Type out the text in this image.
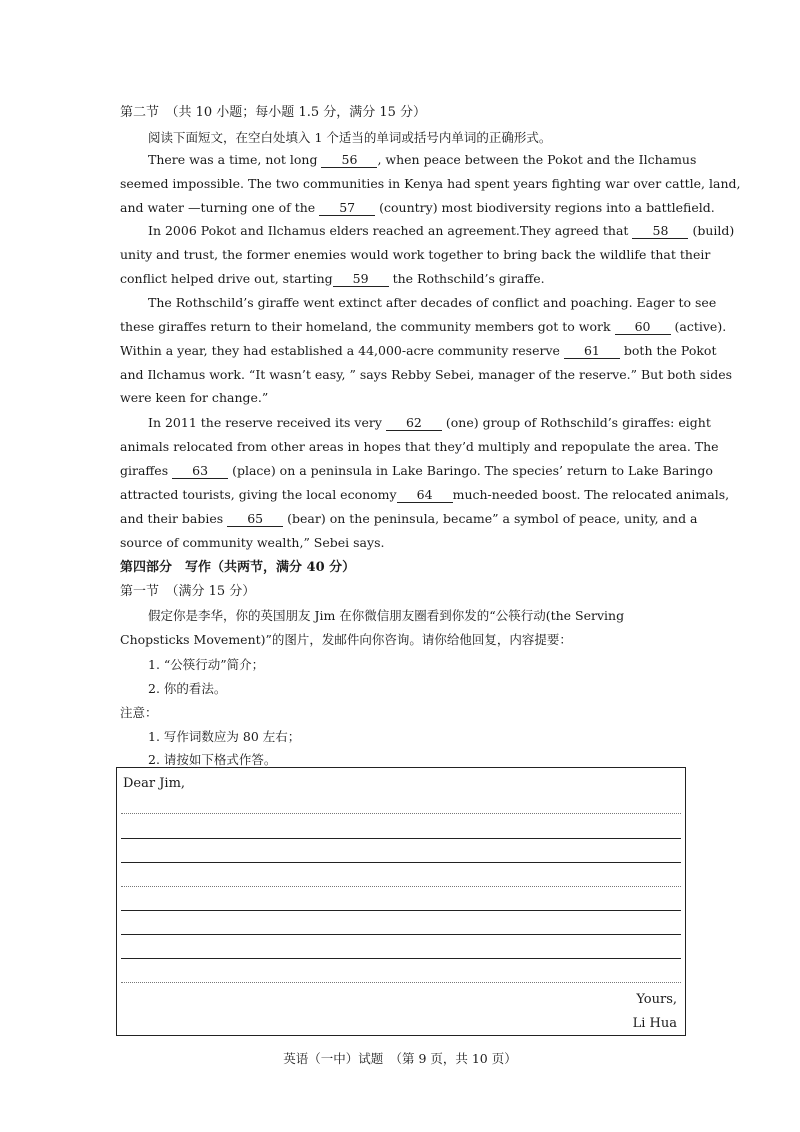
第二节　（共 10 小题；每小题 1.5 分，满分 15 分）
阅读下面短文，在空白处填入 1 个适当的单词或括号内单词的正确形式。
There was a time, not long 56 , when peace between the Pokot and the Ilchamus
seemed impossible. The two communities in Kenya had spent years fighting war over cattle, land,
and water —turning one of the 57 (country) most biodiversity regions into a battlefield.
In 2006 Pokot and Ilchamus elders reached an agreement.They agreed that 58 (build)
unity and trust, the former enemies would work together to bring back the wildlife that their
conflict helped drive out, starting 59 the Rothschild’s giraffe.
The Rothschild’s giraffe went extinct after decades of conflict and poaching. Eager to see
these giraffes return to their homeland, the community members got to work 60 (active).
Within a year, they had established a 44,000-acre community reserve 61 both the Pokot
and Ilchamus work. “It wasn’t easy, ” says Rebby Sebei, manager of the reserve.” But both sides
were keen for change.”
In 2011 the reserve received its very 62 (one) group of Rothschild’s giraffes: eight
animals relocated from other areas in hopes that they’d multiply and repopulate the area. The
giraffes 63 (place) on a peninsula in Lake Baringo. The species’ return to Lake Baringo
attracted tourists, giving the local economy 64 much-needed boost. The relocated animals,
and their babies 65 (bear) on the peninsula, became” a symbol of peace, unity, and a
source of community wealth,” Sebei says.
第四部分　写作（共两节，满分 40 分）
第一节　（满分 15 分）
假定你是李华，你的英国朋友 Jim 在你微信朋友圈看到你发的“公筷行动(the Serving
Chopsticks Movement)”的图片，发邮件向你咨询。请你给他回复，内容提要：
1. “公筷行动”简介；
2. 你的看法。
注意：
1. 写作词数应为 80 左右；
2. 请按如下格式作答。
Dear Jim,
Yours,
Li Hua
英语（一中）试题　（第 9 页，共 10 页）
